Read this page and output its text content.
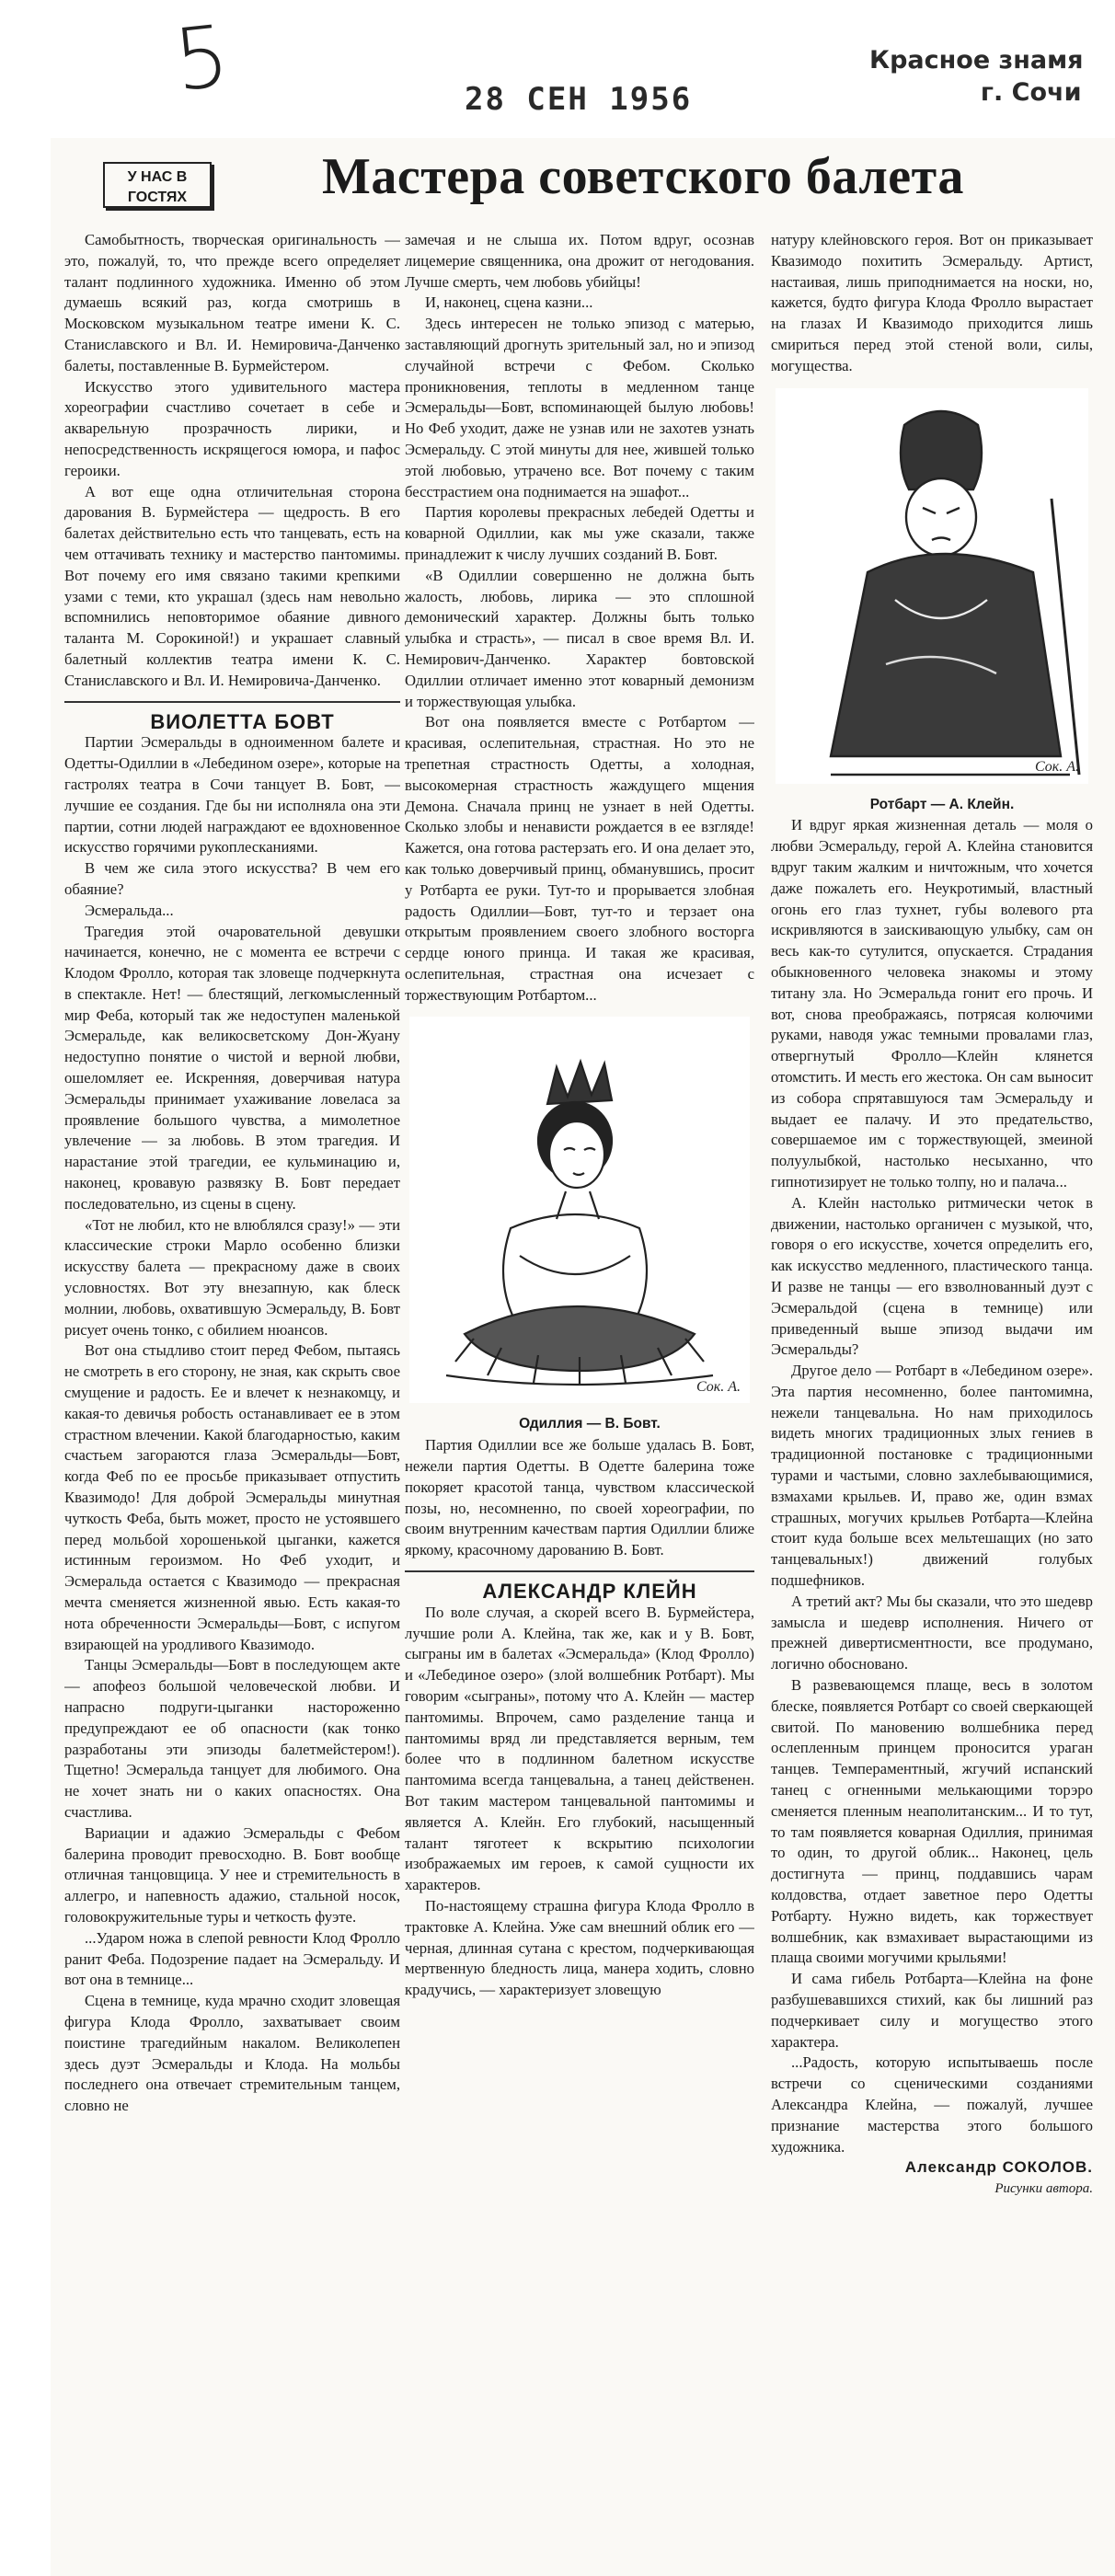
5	28 СЕН 1956
Красное знамя
г. Сочи
У НАС В ГОСТЯХ	Мастера советского балета

Самобытность, творческая оригинальность — это, пожалуй, то, что прежде всего определяет талант подлинного художника. Именно об этом думаешь всякий раз, когда смотришь в Московском музыкальном театре имени К. С. Станиславского и Вл. И. Немировича-Данченко балеты, поставленные В. Бурмейстером.

Искусство этого удивительного мастера хореографии счастливо сочетает в себе и акварельную прозрачность лирики, и непосредственность искрящегося юмора, и пафос героики.

А вот еще одна отличительная сторона дарования В. Бурмейстера — щедрость. В его балетах действительно есть что танцевать, есть на чем оттачивать технику и мастерство пантомимы. Вот почему его имя связано такими крепкими узами с теми, кто украшал (здесь нам невольно вспомнились неповторимое обаяние дивного таланта М. Сорокиной!) и украшает славный балетный коллектив театра имени К. С. Станиславского и Вл. И. Немировича-Данченко.

ВИОЛЕТТА БОВТ

Партии Эсмеральды в одноименном балете и Одетты-Одиллии в «Лебедином озере», которые на гастролях театра в Сочи танцует В. Бовт, — лучшие ее создания. Где бы ни исполняла она эти партии, сотни людей награждают ее вдохновенное искусство горячими рукоплесканиями.

В чем же сила этого искусства? В чем его обаяние?

Эсмеральда...

Трагедия этой очаровательной девушки начинается, конечно, не с момента ее встречи с Клодом Фролло, которая так зловеще подчеркнута в спектакле. Нет! — блестящий, легкомысленный мир Феба, который так же недоступен маленькой Эсмеральде, как великосветскому Дон-Жуану недоступно понятие о чистой и верной любви, ошеломляет ее. Искренняя, доверчивая натура Эсмеральды принимает ухаживание ловеласа за проявление большого чувства, а мимолетное увлечение — за любовь. В этом трагедия. И нарастание этой трагедии, ее кульминацию и, наконец, кровавую развязку В. Бовт передает последовательно, из сцены в сцену.

«Тот не любил, кто не влюблялся сразу!» — эти классические строки Марло особенно близки искусству балета — прекрасному даже в своих условностях. Вот эту внезапную, как блеск молнии, любовь, охватившую Эсмеральду, В. Бовт рисует очень тонко, с обилием нюансов.

Вот она стыдливо стоит перед Фебом, пытаясь не смотреть в его сторону, не зная, как скрыть свое смущение и радость. Ее и влечет к незнакомцу, и какая-то девичья робость останавливает ее в этом страстном влечении. Какой благодарностью, каким счастьем загораются глаза Эсмеральды—Бовт, когда Феб по ее просьбе приказывает отпустить Квазимодо! Для доброй Эсмеральды минутная чуткость Феба, быть может, просто не устоявшего перед мольбой хорошенькой цыганки, кажется истинным героизмом. Но Феб уходит, и Эсмеральда остается с Квазимодо — прекрасная мечта сменяется жизненной явью. Есть какая-то нота обреченности Эсмеральды—Бовт, с испугом взирающей на уродливого Квазимодо.

Танцы Эсмеральды—Бовт в последующем акте — апофеоз большой человеческой любви. И напрасно подруги-цыганки настороженно предупреждают ее об опасности (как тонко разработаны эти эпизоды балетмейстером!). Тщетно! Эсмеральда танцует для любимого. Она не хочет знать ни о каких опасностях. Она счастлива.

Вариации и адажио Эсмеральды с Фебом балерина проводит превосходно. В. Бовт вообще отличная танцовщица. У нее и стремительность в аллегро, и напевность адажио, стальной носок, головокружительные туры и четкость фуэте.

...Ударом ножа в слепой ревности Клод Фролло ранит Феба. Подозрение падает на Эсмеральду. И вот она в темнице...

Сцена в темнице, куда мрачно сходит зловещая фигура Клода Фролло, захватывает своим поистине трагедийным накалом. Великолепен здесь дуэт Эсмеральды и Клода. На мольбы последнего она отвечает стремительным танцем, словно не

замечая и не слыша их. Потом вдруг, осознав лицемерие священника, она дрожит от негодования. Лучше смерть, чем любовь убийцы!

И, наконец, сцена казни...

Здесь интересен не только эпизод с матерью, заставляющий дрогнуть зрительный зал, но и эпизод случайной встречи с Фебом. Сколько проникновения, теплоты в медленном танце Эсмеральды—Бовт, вспоминающей былую любовь! Но Феб уходит, даже не узнав или не захотев узнать Эсмеральду. С этой минуты для нее, жившей только этой любовью, утрачено все. Вот почему с таким бесстрастием она поднимается на эшафот...

Партия королевы прекрасных лебедей Одетты и коварной Одиллии, как мы уже сказали, также принадлежит к числу лучших созданий В. Бовт.

«В Одиллии совершенно не должна быть жалость, любовь, лирика — это сплошной демонический характер. Должны быть только улыбка и страсть», — писал в свое время Вл. И. Немирович-Данченко. Характер бовтовской Одиллии отличает именно этот коварный демонизм и торжествующая улыбка.

Вот она появляется вместе с Ротбартом — красивая, ослепительная, страстная. Но это не трепетная страстность Одетты, а холодная, высокомерная страстность жаждущего мщения Демона. Сначала принц не узнает в ней Одетты. Сколько злобы и ненависти рождается в ее взгляде! Кажется, она готова растерзать его. И она делает это, как только доверчивый принц, обманувшись, просит у Ротбарта ее руки. Тут-то и прорывается злобная радость Одиллии—Бовт, тут-то и терзает она открытым проявлением своего злобного восторга сердце юного принца. И такая же красивая, ослепительная, страстная она исчезает с торжествующим Ротбартом...

Сок. А.

Одиллия — В. Бовт.

Партия Одиллии все же больше удалась В. Бовт, нежели партия Одетты. В Одетте балерина тоже покоряет красотой танца, чувством классической позы, но, несомненно, по своей хореографии, по своим внутренним качествам партия Одиллии ближе яркому, красочному дарованию В. Бовт.

АЛЕКСАНДР КЛЕЙН

По воле случая, а скорей всего В. Бурмейстера, лучшие роли А. Клейна, так же, как и у В. Бовт, сыграны им в балетах «Эсмеральда» (Клод Фролло) и «Лебединое озеро» (злой волшебник Ротбарт). Мы говорим «сыграны», потому что А. Клейн — мастер пантомимы. Впрочем, само разделение танца и пантомимы вряд ли представляется верным, тем более что в подлинном балетном искусстве пантомима всегда танцевальна, а танец действенен. Вот таким мастером танцевальной пантомимы и является А. Клейн. Его глубокий, насыщенный талант тяготеет к вскрытию психологии изображаемых им героев, к самой сущности их характеров.

По-настоящему страшна фигура Клода Фролло в трактовке А. Клейна. Уже сам внешний облик его — черная, длинная сутана с крестом, подчеркивающая мертвенную бледность лица, манера ходить, словно крадучись, — характеризует зловещую

натуру клейновского героя. Вот он приказывает Квазимодо похитить Эсмеральду. Артист, настаивая, лишь приподнимается на носки, но, кажется, будто фигура Клода Фролло вырастает на глазах И Квазимодо приходится лишь смириться перед этой стеной воли, силы, могущества.

Сок. А.

Ротбарт — А. Клейн.

И вдруг яркая жизненная деталь — моля о любви Эсмеральду, герой А. Клейна становится вдруг таким жалким и ничтожным, что хочется даже пожалеть его. Неукротимый, властный огонь его глаз тухнет, губы волевого рта искривляются в заискивающую улыбку, сам он весь как-то сутулится, опускается. Страдания обыкновенного человека знакомы и этому титану зла. Но Эсмеральда гонит его прочь. И вот, снова преображаясь, потрясая колючими руками, наводя ужас темными провалами глаз, отвергнутый Фролло—Клейн клянется отомстить. И месть его жестока. Он сам выносит из собора спрятавшуюся там Эсмеральду и выдает ее палачу. И это предательство, совершаемое им с торжествующей, змеиной полуулыбкой, настолько несыханно, что гипнотизирует не только толпу, но и палача...

А. Клейн настолько ритмически четок в движении, настолько органичен с музыкой, что, говоря о его искусстве, хочется определить его, как искусство медленного, пластического танца. И разве не танцы — его взволнованный дуэт с Эсмеральдой (сцена в темнице) или приведенный выше эпизод выдачи им Эсмеральды?

Другое дело — Ротбарт в «Лебедином озере». Эта партия несомненно, более пантомимна, нежели танцевальна. Но нам приходилось видеть многих традиционных злых гениев в традиционной постановке с традиционными турами и частыми, словно захлебывающимися, взмахами крыльев. И, право же, один взмах страшных, могучих крыльев Ротбарта—Клейна стоит куда больше всех мельтешащих (но зато танцевальных!) движений голубых подшефников.

А третий акт? Мы бы сказали, что это шедевр замысла и шедевр исполнения. Ничего от прежней дивертисментности, все продумано, логично обосновано.

В развевающемся плаще, весь в золотом блеске, появляется Ротбарт со своей сверкающей свитой. По мановению волшебника перед ослепленным принцем проносится ураган танцев. Темпераментный, жгучий испанский танец с огненными мелькающими торэро сменяется пленным неаполитанским... И то тут, то там появляется коварная Одиллия, принимая то один, то другой облик... Наконец, цель достигнута — принц, поддавшись чарам колдовства, отдает заветное перо Одетты Ротбарту. Нужно видеть, как торжествует волшебник, как взмахивает вырастающими из плаща своими могучими крыльями!

И сама гибель Ротбарта—Клейна на фоне разбушевавшихся стихий, как бы лишний раз подчеркивает силу и могущество этого характера.

...Радость, которую испытываешь после встречи со сценическими созданиями Александра Клейна, — пожалуй, лучшее признание мастерства этого большого художника.

Александр СОКОЛОВ.

Рисунки автора.
